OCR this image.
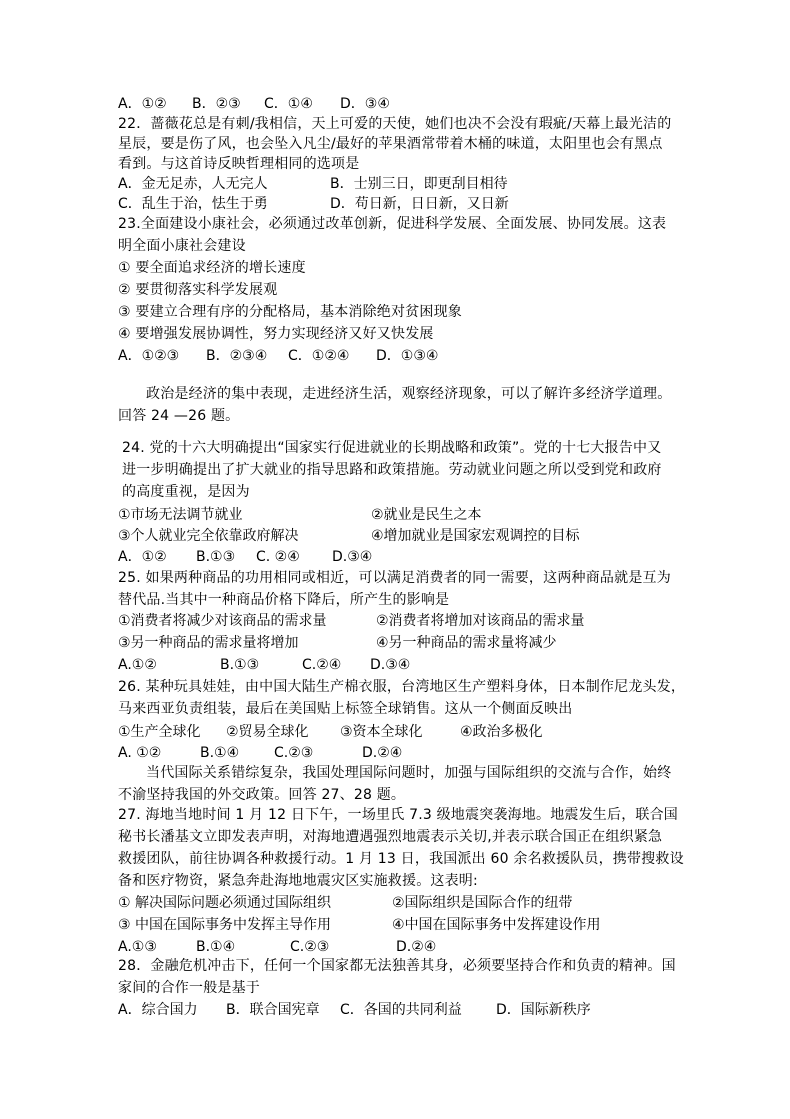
A．①② B．②③ C．①④ D．③④
22．蔷薇花总是有刺/我相信，天上可爱的天使，她们也决不会没有瑕疵/天幕上最光洁的
星辰，要是伤了风，也会坠入凡尘/最好的苹果酒常带着木桶的味道，太阳里也会有黑点
看到。与这首诗反映哲理相同的选项是
A．金无足赤，人无完人	B．士别三日，即更刮目相待
C．乱生于治，怯生于勇	D．苟日新，日日新，又日新
23.全面建设小康社会，必须通过改革创新，促进科学发展、全面发展、协同发展。这表
明全面小康社会建设
① 要全面追求经济的增长速度
② 要贯彻落实科学发展观
③ 要建立合理有序的分配格局，基本消除绝对贫困现象
④ 要增强发展协调性，努力实现经济又好又快发展
A．①②③ B．②③④ C．①②④ D．①③④
政治是经济的集中表现，走进经济生活，观察经济现象，可以了解许多经济学道理。
回答 24 —26 题。
24. 党的十六大明确提出“国家实行促进就业的长期战略和政策”。党的十七大报告中又
进一步明确提出了扩大就业的指导思路和政策措施。劳动就业问题之所以受到党和政府
的高度重视，是因为
①市场无法调节就业	②就业是民生之本
③个人就业完全依靠政府解决	④增加就业是国家宏观调控的目标
A．①② B.①③ C. ②④ D.③④
25. 如果两种商品的功用相同或相近，可以满足消费者的同一需要，这两种商品就是互为
替代品.当其中一种商品价格下降后，所产生的影响是
①消费者将减少对该商品的需求量	②消费者将增加对该商品的需求量
③另一种商品的需求量将增加	④另一种商品的需求量将减少
A.①②	B.①③	C.②④ D.③④
26. 某种玩具娃娃，由中国大陆生产棉衣服，台湾地区生产塑料身体，日本制作尼龙头发，
马来西亚负责组装，最后在美国贴上标签全球销售。这从一个侧面反映出
①生产全球化 ②贸易全球化 ③资本全球化	④政治多极化
A. ①②	B.①④ C.②③	D.②④
当代国际关系错综复杂，我国处理国际问题时，加强与国际组织的交流与合作，始终
不渝坚持我国的外交政策。回答 27、28 题。
27. 海地当地时间 1 月 12 日下午，一场里氏 7.3 级地震突袭海地。地震发生后，联合国
秘书长潘基文立即发表声明，对海地遭遇强烈地震表示关切,并表示联合国正在组织紧急
救援团队，前往协调各种救援行动。1 月 13 日，我国派出 60 余名救援队员，携带搜救设
备和医疗物资，紧急奔赴海地地震灾区实施救援。这表明:
① 解决国际问题必须通过国际组织	②国际组织是国际合作的纽带
③ 中国在国际事务中发挥主导作用	④中国在国际事务中发挥建设作用
A.①③	B.①④	C.②③	D.②④
28．金融危机冲击下，任何一个国家都无法独善其身，必须要坚持合作和负责的精神。国
家间的合作一般是基于
A．综合国力 B．联合国宪章 C．各国的共同利益 D．国际新秩序
